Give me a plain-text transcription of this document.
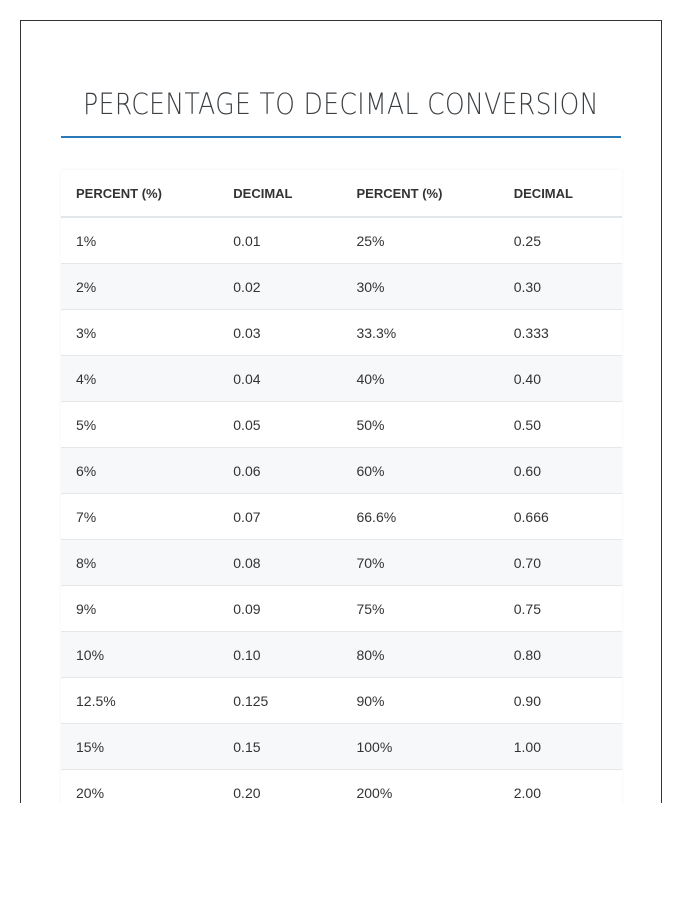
PERCENTAGE TO DECIMAL CONVERSION
PERCENT (%)	DECIMAL	PERCENT (%)	DECIMAL
1%	0.01	25%	0.25
2%	0.02	30%	0.30
3%	0.03	33.3%	0.333
4%	0.04	40%	0.40
5%	0.05	50%	0.50
6%	0.06	60%	0.60
7%	0.07	66.6%	0.666
8%	0.08	70%	0.70
9%	0.09	75%	0.75
10%	0.10	80%	0.80
12.5%	0.125	90%	0.90
15%	0.15	100%	1.00
20%	0.20	200%	2.00
